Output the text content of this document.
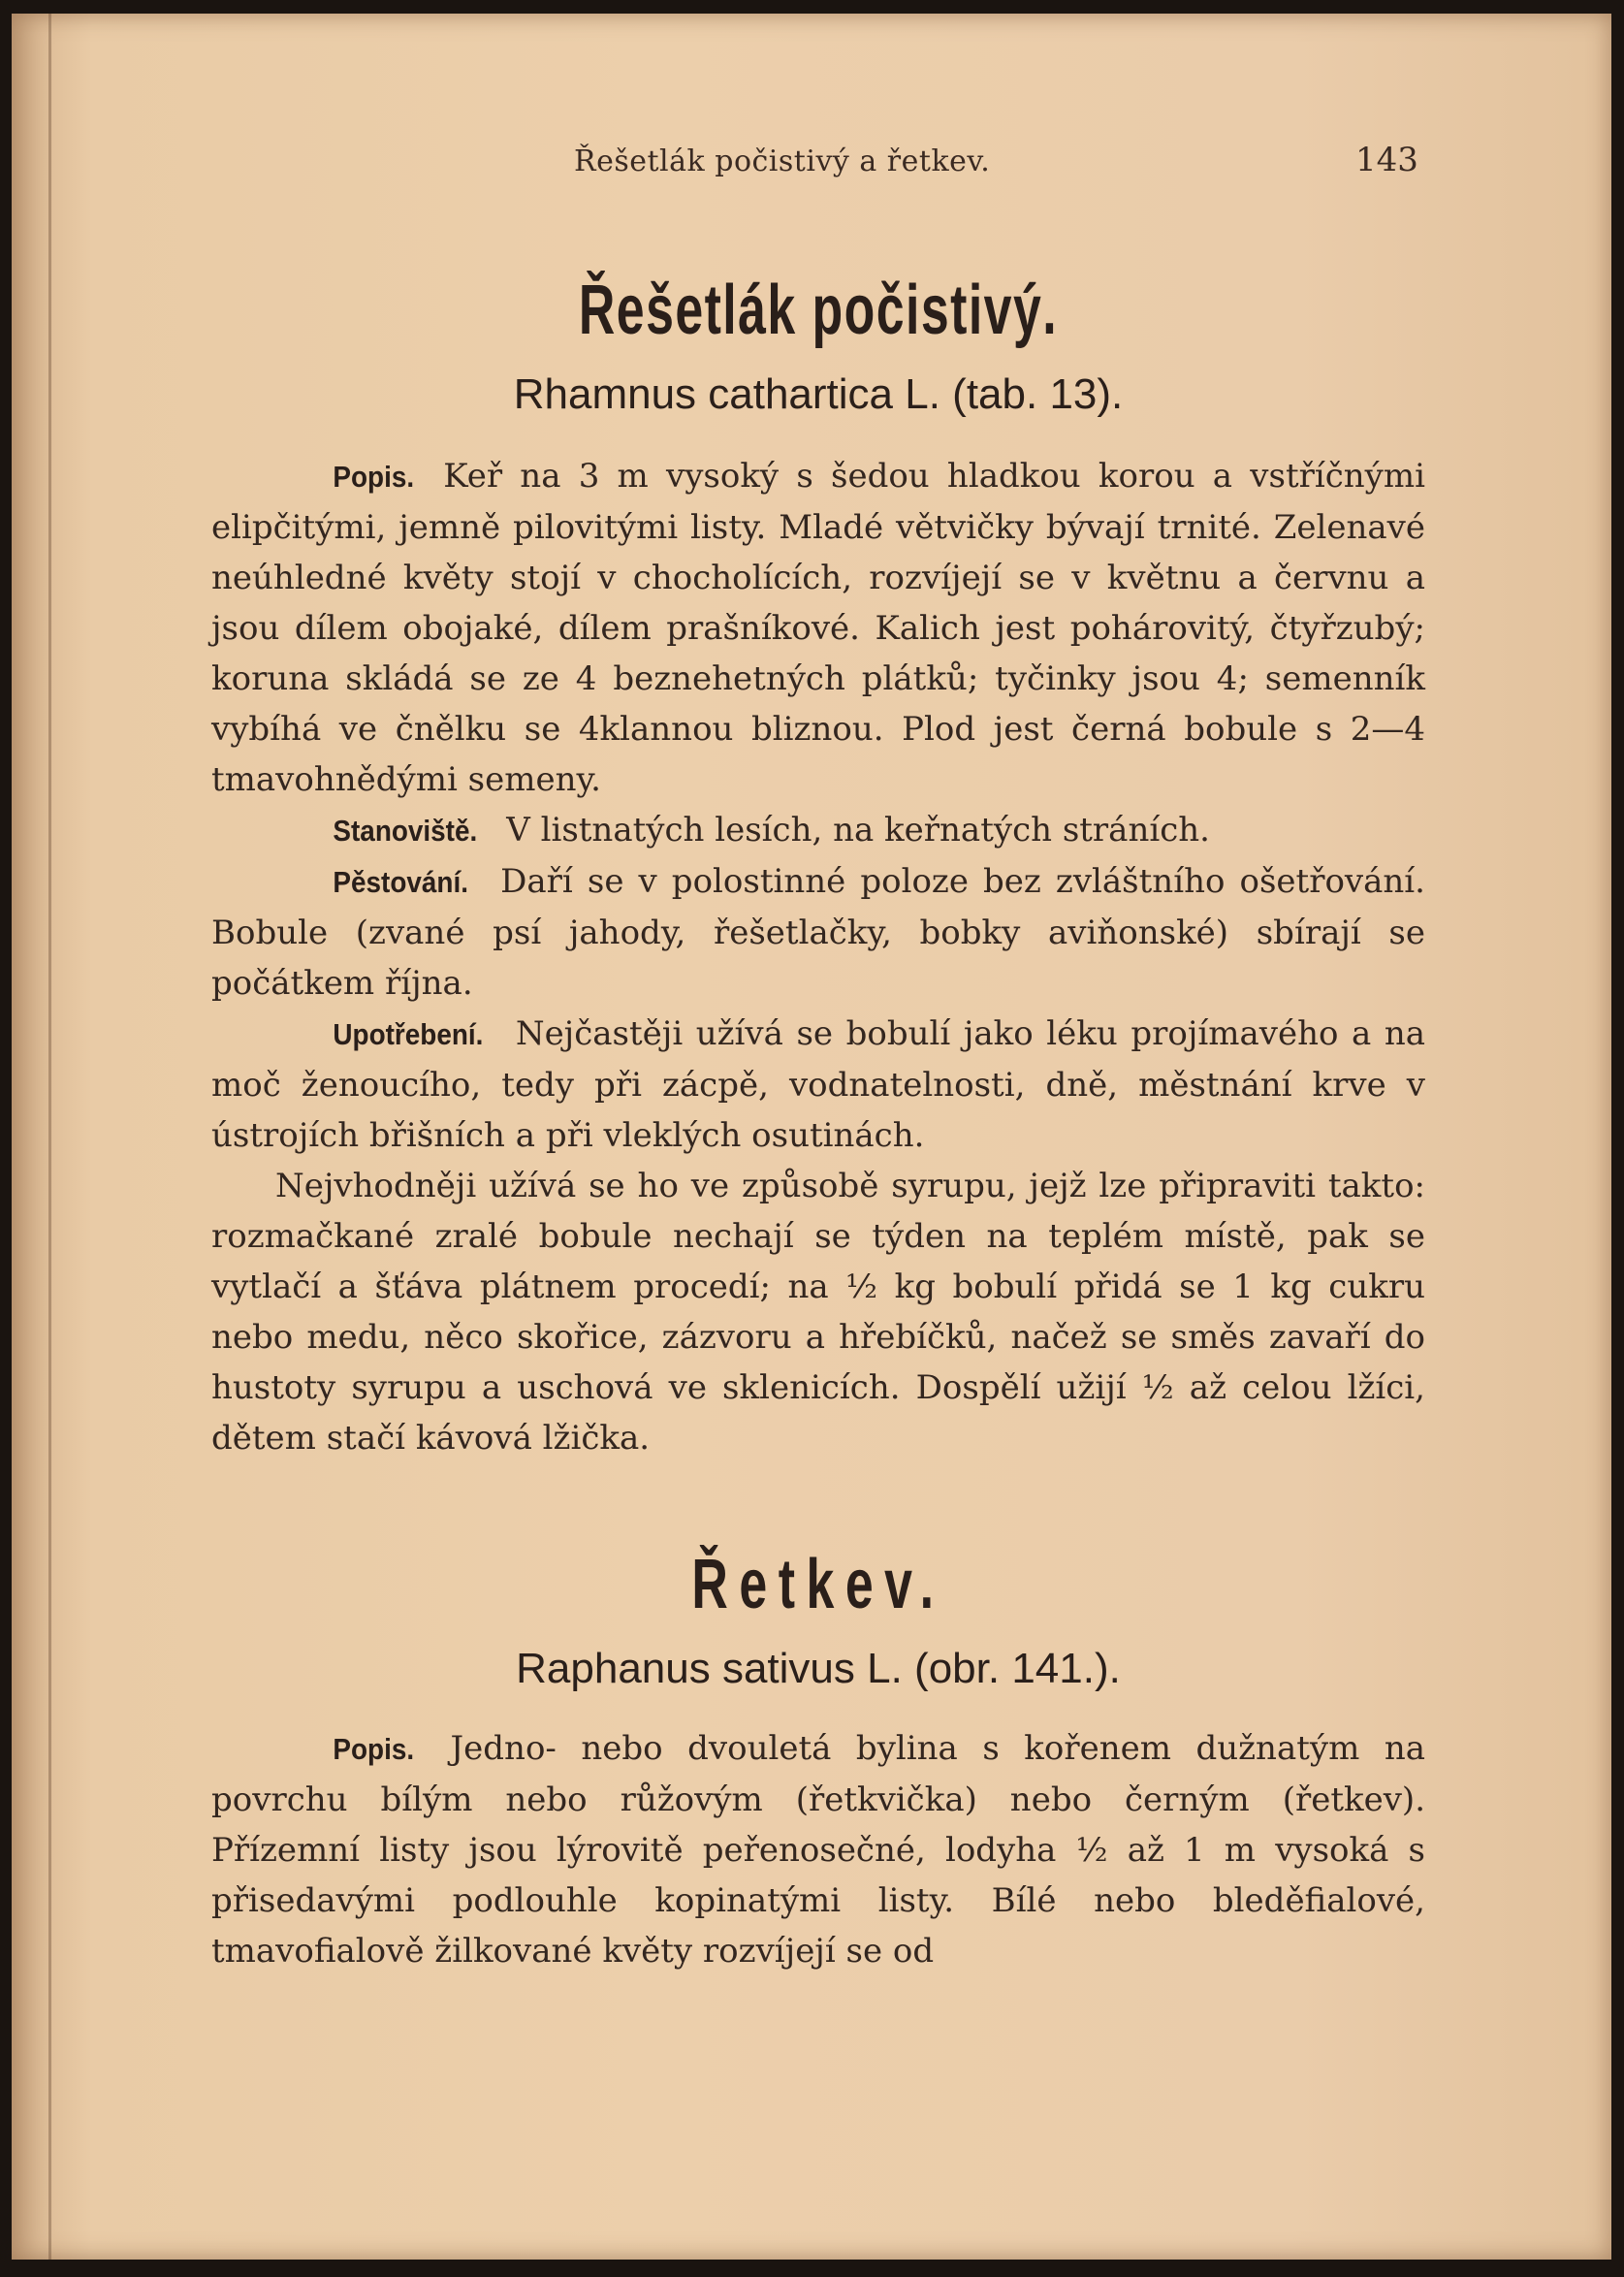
Řešetlák počistivý a řetkev.	143
Řešetlák počistivý.

Rhamnus cathartica L. (tab. 13).

Popis. Keř na 3 m vysoký s šedou hladkou korou a vstříčnými elipčitými, jemně pilovitými listy. Mladé větvičky bývají trnité. Zelenavé neúhledné květy stojí v chocholících, rozvíjejí se v květnu a červnu a jsou dílem obojaké, dílem prašníkové. Kalich jest pohárovitý, čtyřzubý; koruna skládá se ze 4 beznehetných plátků; tyčinky jsou 4; semenník vybíhá ve čnělku se 4klannou bliznou. Plod jest černá bobule s 2—4 tmavohnědými semeny.

Stanoviště. V listnatých lesích, na keřnatých stráních.

Pěstování. Daří se v polostinné poloze bez zvláštního ošetřování. Bobule (zvané psí jahody, řešetlačky, bobky aviňonské) sbírají se počátkem října.

Upotřebení. Nejčastěji užívá se bobulí jako léku projímavého a na moč ženoucího, tedy při zácpě, vodnatelnosti, dně, městnání krve v ústrojích břišních a při vleklých osutinách.

Nejvhodněji užívá se ho ve způsobě syrupu, jejž lze připraviti takto: rozmačkané zralé bobule nechají se týden na teplém místě, pak se vytlačí a šťáva plátnem procedí; na ½ kg bobulí přidá se 1 kg cukru nebo medu, něco skořice, zázvoru a hřebíčků, načež se směs zavaří do hustoty syrupu a uschová ve sklenicích. Dospělí užijí ½ až celou lžíci, dětem stačí kávová lžička.

Řetkev.

Raphanus sativus L. (obr. 141.).

Popis. Jedno- nebo dvouletá bylina s kořenem dužnatým na povrchu bílým nebo růžovým (řetkvička) nebo černým (řetkev). Přízemní listy jsou lýrovitě peřenosečné, lodyha ½ až 1 m vysoká s přisedavými podlouhle kopinatými listy. Bílé nebo bleděfialové, tmavofialově žilkované květy rozvíjejí se od
